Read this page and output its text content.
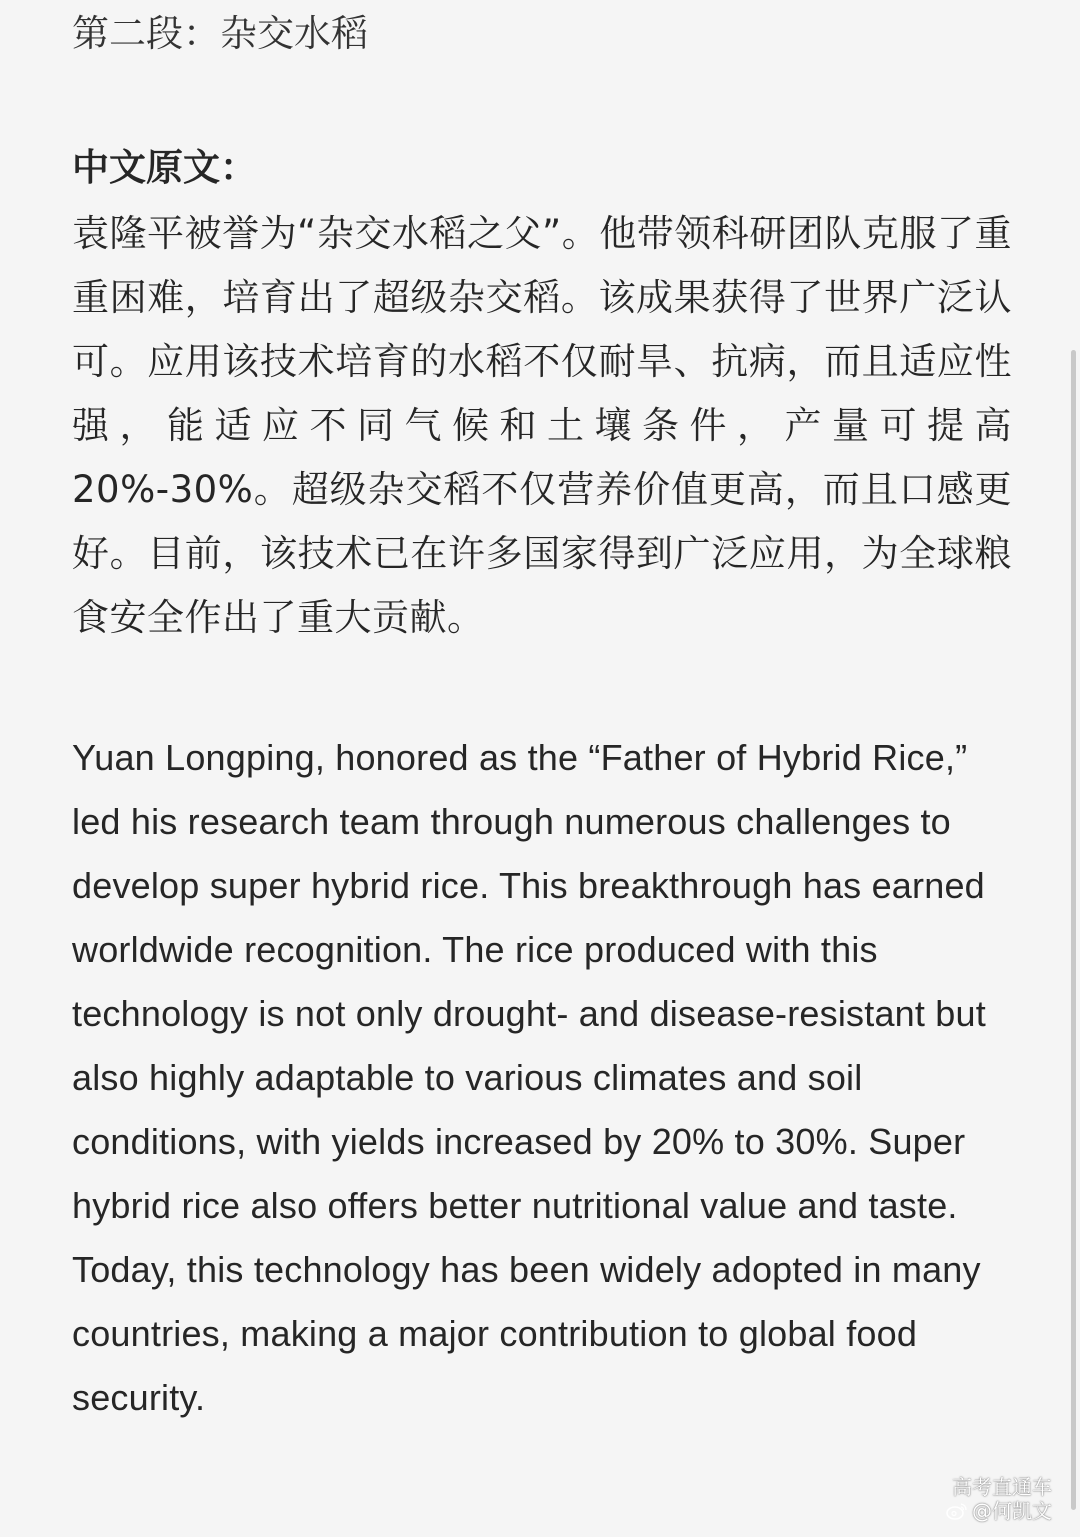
第二段：杂交水稻
中文原文：
袁隆平被誉为“杂交水稻之父”。他带领科研团队克服了重重困难，培育出了超级杂交稻。该成果获得了世界广泛认可。应用该技术培育的水稻不仅耐旱、抗病，而且适应性强，能适应不同气候和土壤条件，产量可提高 20%-30%。超级杂交稻不仅营养价值更高，而且口感更好。目前，该技术已在许多国家得到广泛应用，为全球粮食安全作出了重大贡献。
Yuan Longping, honored as the “Father of Hybrid Rice,” led his research team through numerous challenges to develop super hybrid rice. This breakthrough has earned worldwide recognition. The rice produced with this technology is not only drought- and disease-resistant but also highly adaptable to various climates and soil conditions, with yields increased by 20% to 30%. Super hybrid rice also offers better nutritional value and taste. Today, this technology has been widely adopted in many countries, making a major contribution to global food security.
高考直通车
@何凯文
